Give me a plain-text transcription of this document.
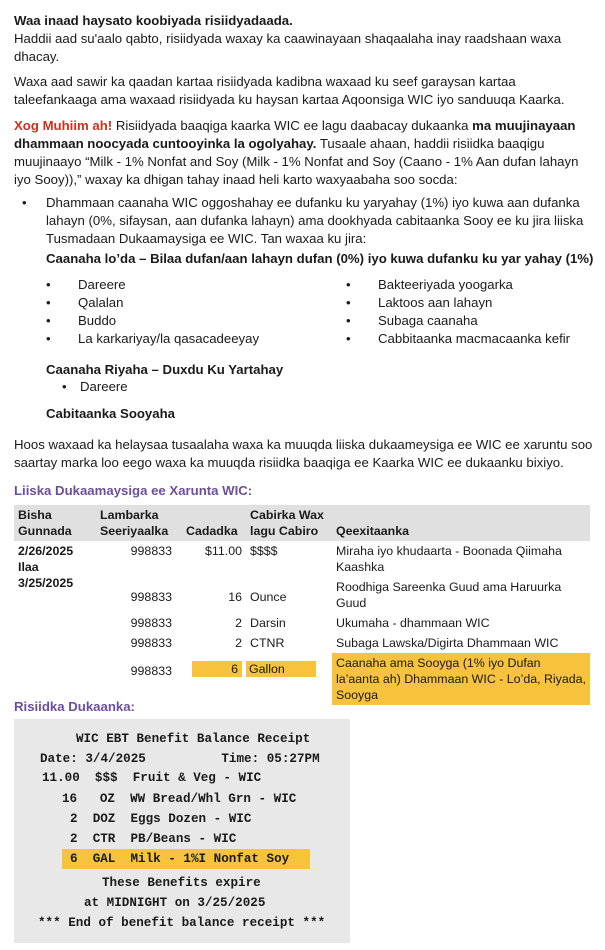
Waa inaad haysato koobiyada risiidyadaada.
Haddii aad su'aalo qabto, risiidyada waxay ka caawinayaan shaqaalaha inay raadshaan waxa dhacay.

Waxa aad sawir ka qaadan kartaa risiidyada kadibna waxaad ku seef garaysan kartaa taleefankaaga ama waxaad risiidyada ku haysan kartaa Aqoonsiga WIC iyo sanduuqa Kaarka.

Xog Muhiim ah! Risiidyada baaqiga kaarka WIC ee lagu daabacay dukaanka ma muujinayaan dhammaan noocyada cuntooyinka la ogolyahay. Tusaale ahaan, haddii risiidka baaqigu muujinaayo “Milk - 1% Nonfat and Soy (Milk - 1% Nonfat and Soy (Caano - 1% Aan dufan lahayn iyo Sooy)),” waxay ka dhigan tahay inaad heli karto waxyaabaha soo socda:

•	Dhammaan caanaha WIC oggoshahay ee dufanku ku yaryahay (1%) iyo kuwa aan dufanka lahayn (0%, sifaysan, aan dufanka lahayn) ama dookhyada cabitaanka Sooy ee ku jira liiska Tusmadaan Dukaamaysiga ee WIC. Tan waxaa ku jira:
Caanaha lo’da – Bilaa dufan/aan lahayn dufan (0%) iyo kuwa dufanku ku yar yahay (1%)
•	Dareere
•	Qalalan
•	Buddo
•	La karkariyay/la qasacadeeyay
•	Bakteeriyada yoogarka
•	Laktoos aan lahayn
•	Subaga caanaha
•	Cabbitaanka macmacaanka kefir
Caanaha Riyaha – Duxdu Ku Yartahay
•	Dareere
Cabitaanka Sooyaha

Hoos waxaad ka helaysaa tusaalaha waxa ka muuqda liiska dukaameysiga ee WIC ee xaruntu soo saartay marka loo eego waxa ka muuqda risiidka baaqiga ee Kaarka WIC ee dukaanku bixiyo.

Liiska Dukaamaysiga ee Xarunta WIC:
Bisha Gunnada	Lambarka Seeriyaalka	Cadadka	Cabirka Wax lagu Cabiro	Qeexitaanka
2/26/2025
Ilaa
3/25/2025	998833	$11.00	$$$$	Miraha iyo khudaarta - Boonada Qiimaha Kaashka
	998833	16	Ounce	Roodhiga Sareenka Guud ama Haruurka Guud
	998833	2	Darsin	Ukumaha - dhammaan WIC
	998833	2	CTNR	Subaga Lawska/Digirta Dhammaan WIC
	998833	6	Gallon	Caanaha ama Sooyga (1% iyo Dufan la’aanta ah) Dhammaan WIC - Lo’da, Riyada, Sooyga
Risiidka Dukaanka:
WIC EBT Benefit Balance Receipt
Date: 3/4/2025          Time: 05:27PM
11.00 $$$ Fruit & Veg - WIC
16 OZ WW Bread/Whl Grn - WIC
2 DOZ Eggs Dozen - WIC
2 CTR PB/Beans - WIC
6 GAL Milk - 1%I Nonfat Soy
These Benefits expire
at MIDNIGHT on 3/25/2025
*** End of benefit balance receipt ***
